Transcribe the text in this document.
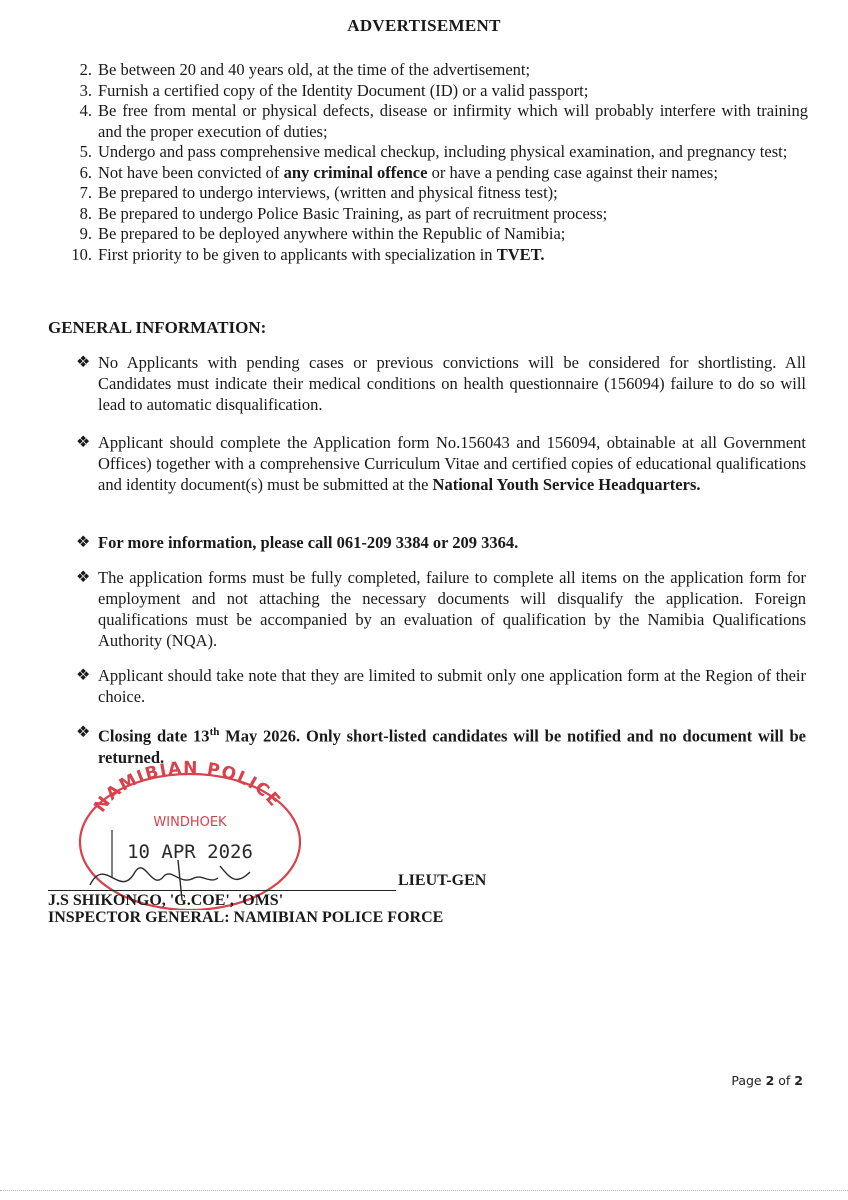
ADVERTISEMENT
2. Be between 20 and 40 years old, at the time of the advertisement;
3. Furnish a certified copy of the Identity Document (ID) or a valid passport;
4. Be free from mental or physical defects, disease or infirmity which will probably interfere with training and the proper execution of duties;
5. Undergo and pass comprehensive medical checkup, including physical examination, and pregnancy test;
6. Not have been convicted of any criminal offence or have a pending case against their names;
7. Be prepared to undergo interviews, (written and physical fitness test);
8. Be prepared to undergo Police Basic Training, as part of recruitment process;
9. Be prepared to be deployed anywhere within the Republic of Namibia;
10. First priority to be given to applicants with specialization in TVET.
GENERAL INFORMATION:
❖ No Applicants with pending cases or previous convictions will be considered for shortlisting. All Candidates must indicate their medical conditions on health questionnaire (156094) failure to do so will lead to automatic disqualification.
❖ Applicant should complete the Application form No.156043 and 156094, obtainable at all Government Offices) together with a comprehensive Curriculum Vitae and certified copies of educational qualifications and identity document(s) must be submitted at the National Youth Service Headquarters.
❖ For more information, please call 061-209 3384 or 209 3364.
❖ The application forms must be fully completed, failure to complete all items on the application form for employment and not attaching the necessary documents will disqualify the application. Foreign qualifications must be accompanied by an evaluation of qualification by the Namibia Qualifications Authority (NQA).
❖ Applicant should take note that they are limited to submit only one application form at the Region of their choice.
❖ Closing date 13th May 2026. Only short-listed candidates will be notified and no document will be returned.
NAMIBIAN POLICE
WINDHOEK
10 APR 2026
LIEUT-GEN
J.S SHIKONGO, 'G.COE', 'OMS'
INSPECTOR GENERAL: NAMIBIAN POLICE FORCE
Page 2 of 2
